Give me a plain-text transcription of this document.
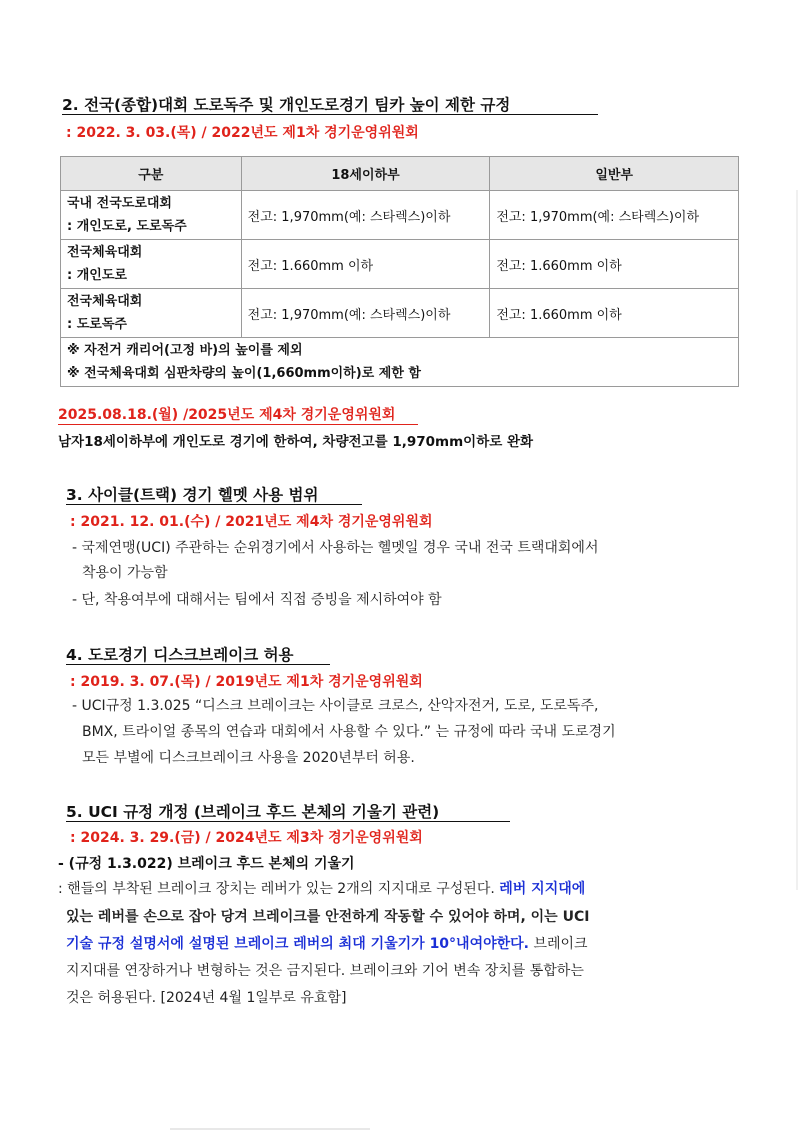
2. 전국(종합)대회 도로독주 및 개인도로경기 팀카 높이 제한 규정
: 2022. 3. 03.(목) / 2022년도 제1차 경기운영위원회
구분	18세이하부	일반부

국내 전국도로대회
: 개인도로, 도로독주	전고: 1,970mm(예: 스타렉스)이하	전고: 1,970mm(예: 스타렉스)이하

전국체육대회
: 개인도로	전고: 1.660mm 이하	전고: 1.660mm 이하

전국체육대회
: 도로독주	전고: 1,970mm(예: 스타렉스)이하	전고: 1.660mm 이하

※ 자전거 캐리어(고정 바)의 높이를 제외
※ 전국체육대회 심판차량의 높이(1,660mm이하)로 제한 함		
2025.08.18.(월) /2025년도 제4차 경기운영위원회
남자18세이하부에 개인도로 경기에 한하여, 차량전고를 1,970mm이하로 완화
3. 사이클(트랙) 경기 헬멧 사용 범위
: 2021. 12. 01.(수) / 2021년도 제4차 경기운영위원회
- 국제연맹(UCI) 주관하는 순위경기에서 사용하는 헬멧일 경우 국내 전국 트랙대회에서
착용이 가능함
- 단, 착용여부에 대해서는 팀에서 직접 증빙을 제시하여야 함
4. 도로경기 디스크브레이크 허용
: 2019. 3. 07.(목) / 2019년도 제1차 경기운영위원회
- UCI규정 1.3.025 “디스크 브레이크는 사이클로 크로스, 산악자전거, 도로, 도로독주,
BMX, 트라이얼 종목의 연습과 대회에서 사용할 수 있다.” 는 규정에 따라 국내 도로경기
모든 부별에 디스크브레이크 사용을 2020년부터 허용.
5. UCI 규정 개정 (브레이크 후드 본체의 기울기 관련)
: 2024. 3. 29.(금) / 2024년도 제3차 경기운영위원회
- (규정 1.3.022) 브레이크 후드 본체의 기울기
: 핸들의 부착된 브레이크 장치는 레버가 있는 2개의 지지대로 구성된다. 레버 지지대에
있는 레버를 손으로 잡아 당겨 브레이크를 안전하게 작동할 수 있어야 하며, 이는 UCI
기술 규정 설명서에 설명된 브레이크 레버의 최대 기울기가 10°내여야한다. 브레이크
지지대를 연장하거나 변형하는 것은 금지된다. 브레이크와 기어 변속 장치를 통합하는
것은 허용된다. [2024년 4월 1일부로 유효함]
